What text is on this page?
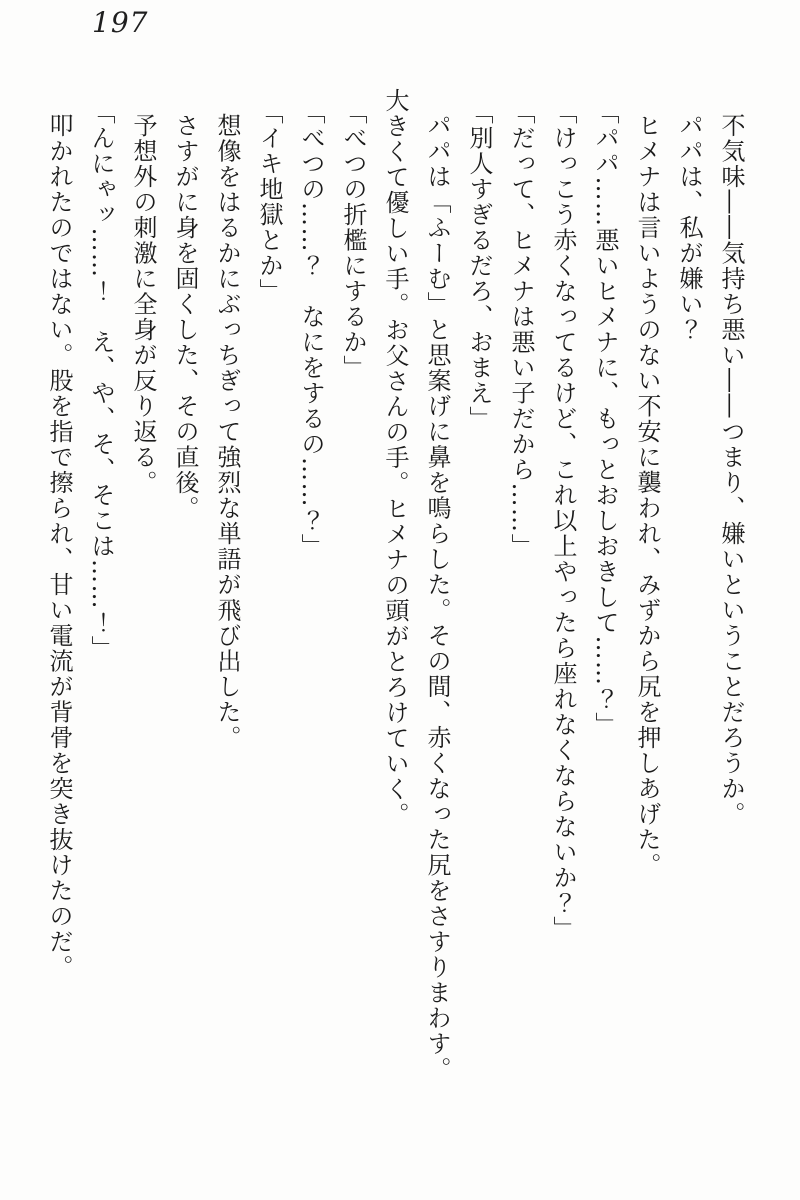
197

不気味――気持ち悪い――つまり、嫌いということだろうか。

パパは、私が嫌い？

ヒメナは言いようのない不安に襲われ、みずから尻を押しあげた。

「パパ……悪いヒメナに、もっとおしおきして……？」

「けっこう赤くなってるけど、これ以上やったら座れなくならないか？」

「だって、ヒメナは悪い子だから……」

「別人すぎるだろ、おまえ」

パパは「ふーむ」と思案げに鼻を鳴らした。その間、赤くなった尻をさすりまわす。

大きくて優しい手。お父さんの手。ヒメナの頭がとろけていく。

「べつの折檻にするか」

「べつの……？　なにをするの……？」

「イキ地獄とか」

想像をはるかにぶっちぎって強烈な単語が飛び出した。

さすがに身を固くした、その直後。

予想外の刺激に全身が反り返る。

「んにゃッ……！　え、や、そ、そこは……！」

叩かれたのではない。股を指で擦られ、甘い電流が背骨を突き抜けたのだ。
